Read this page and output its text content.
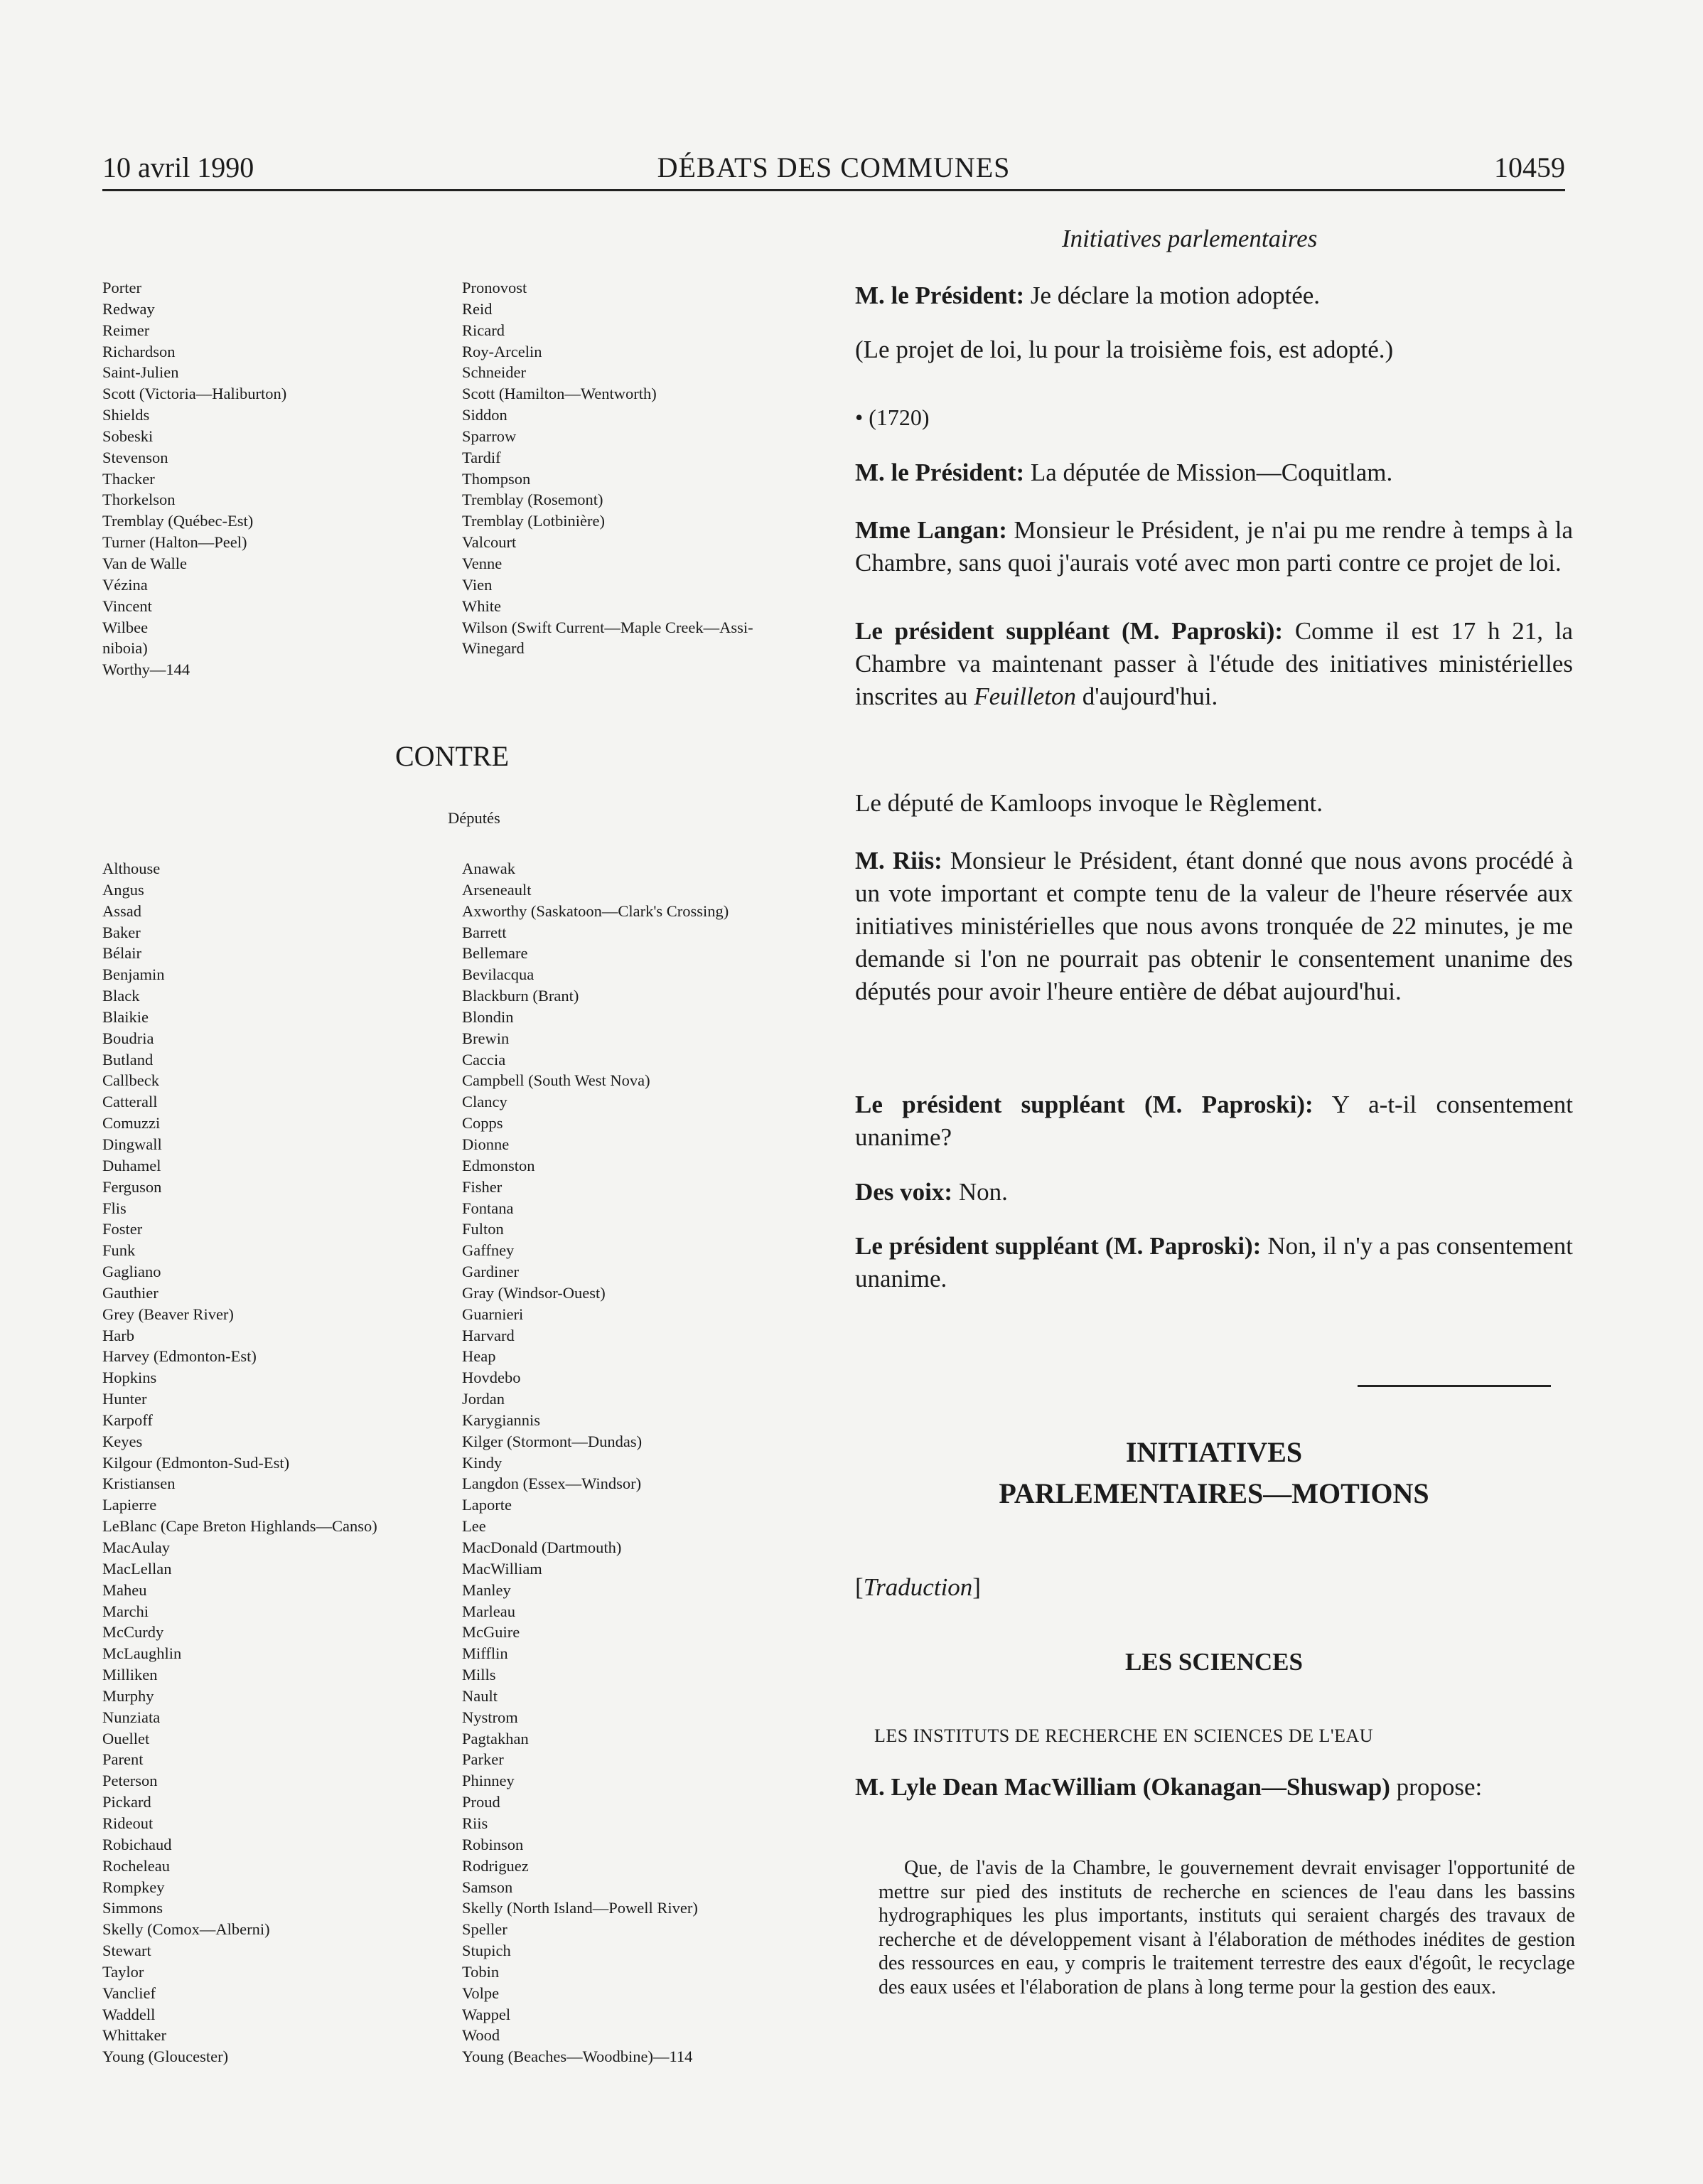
10 avril 1990	DÉBATS DES COMMUNES	10459
Porter
Redway
Reimer
Richardson
Saint-Julien
Scott (Victoria—Haliburton)
Shields
Sobeski
Stevenson
Thacker
Thorkelson
Tremblay (Québec-Est)
Turner (Halton—Peel)
Van de Walle
Vézina
Vincent
Wilbee
niboia)
Worthy—144
Pronovost
Reid
Ricard
Roy-Arcelin
Schneider
Scott (Hamilton—Wentworth)
Siddon
Sparrow
Tardif
Thompson
Tremblay (Rosemont)
Tremblay (Lotbinière)
Valcourt
Venne
Vien
White
Wilson (Swift Current—Maple Creek—Assi-
Winegard
CONTRE
Députés
Althouse
Angus
Assad
Baker
Bélair
Benjamin
Black
Blaikie
Boudria
Butland
Callbeck
Catterall
Comuzzi
Dingwall
Duhamel
Ferguson
Flis
Foster
Funk
Gagliano
Gauthier
Grey (Beaver River)
Harb
Harvey (Edmonton-Est)
Hopkins
Hunter
Karpoff
Keyes
Kilgour (Edmonton-Sud-Est)
Kristiansen
Lapierre
LeBlanc (Cape Breton Highlands—Canso)
MacAulay
MacLellan
Maheu
Marchi
McCurdy
McLaughlin
Milliken
Murphy
Nunziata
Ouellet
Parent
Peterson
Pickard
Rideout
Robichaud
Rocheleau
Rompkey
Simmons
Skelly (Comox—Alberni)
Stewart
Taylor
Vanclief
Waddell
Whittaker
Young (Gloucester)
Anawak
Arseneault
Axworthy (Saskatoon—Clark's Crossing)
Barrett
Bellemare
Bevilacqua
Blackburn (Brant)
Blondin
Brewin
Caccia
Campbell (South West Nova)
Clancy
Copps
Dionne
Edmonston
Fisher
Fontana
Fulton
Gaffney
Gardiner
Gray (Windsor-Ouest)
Guarnieri
Harvard
Heap
Hovdebo
Jordan
Karygiannis
Kilger (Stormont—Dundas)
Kindy
Langdon (Essex—Windsor)
Laporte
Lee
MacDonald (Dartmouth)
MacWilliam
Manley
Marleau
McGuire
Mifflin
Mills
Nault
Nystrom
Pagtakhan
Parker
Phinney
Proud
Riis
Robinson
Rodriguez
Samson
Skelly (North Island—Powell River)
Speller
Stupich
Tobin
Volpe
Wappel
Wood
Young (Beaches—Woodbine)—114
Initiatives parlementaires

M. le Président: Je déclare la motion adoptée.

(Le projet de loi, lu pour la troisième fois, est adopté.)

• (1720)

M. le Président: La députée de Mission—Coquitlam.

Mme Langan: Monsieur le Président, je n'ai pu me rendre à temps à la Chambre, sans quoi j'aurais voté avec mon parti contre ce projet de loi.

Le président suppléant (M. Paproski): Comme il est 17 h 21, la Chambre va maintenant passer à l'étude des initiatives ministérielles inscrites au Feuilleton d'aujourd'hui.

Le député de Kamloops invoque le Règlement.

M. Riis: Monsieur le Président, étant donné que nous avons procédé à un vote important et compte tenu de la valeur de l'heure réservée aux initiatives ministérielles que nous avons tronquée de 22 minutes, je me demande si l'on ne pourrait pas obtenir le consentement unanime des députés pour avoir l'heure entière de débat aujourd'hui.

Le président suppléant (M. Paproski): Y a-t-il consentement unanime?

Des voix: Non.

Le président suppléant (M. Paproski): Non, il n'y a pas consentement unanime.

INITIATIVES
PARLEMENTAIRES—MOTIONS

[Traduction]

LES SCIENCES
LES INSTITUTS DE RECHERCHE EN SCIENCES DE L'EAU

M. Lyle Dean MacWilliam (Okanagan—Shuswap) propose:

Que, de l'avis de la Chambre, le gouvernement devrait envisager l'opportunité de mettre sur pied des instituts de recherche en sciences de l'eau dans les bassins hydrographiques les plus importants, instituts qui seraient chargés des travaux de recherche et de développement visant à l'élaboration de méthodes inédites de gestion des ressources en eau, y compris le traitement terrestre des eaux d'égoût, le recyclage des eaux usées et l'élaboration de plans à long terme pour la gestion des eaux.
